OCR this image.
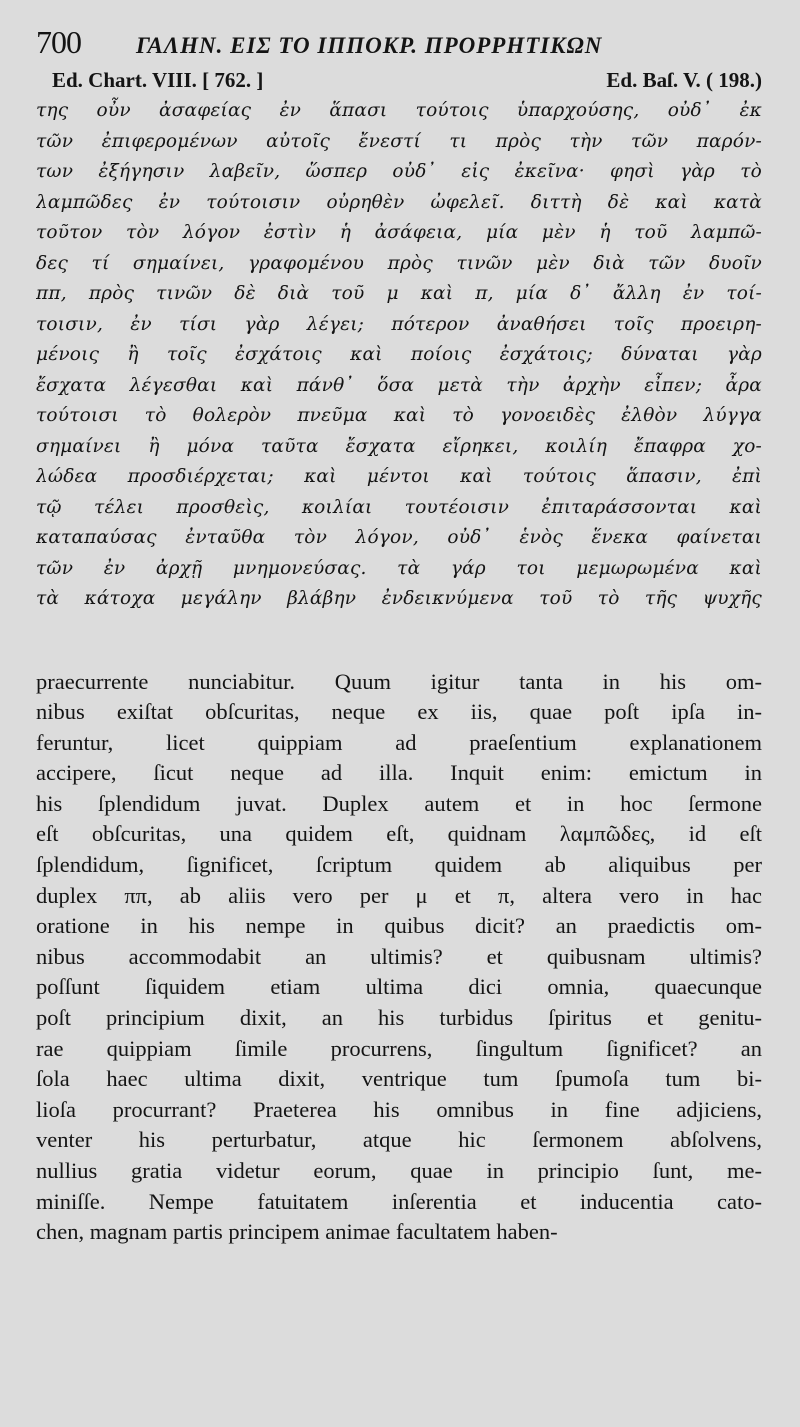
700	ΓΑΛΗΝ. ΕΙΣ ΤΟ ΙΠΠΟΚΡ. ΠΡΟΡΡΗΤΙΚΩΝ
Ed. Chart. VIII. [ 762. ]	Ed. Baſ. V. ( 198.)
της οὖν ἀσαφείας ἐν ἅπασι τούτοις ὑπαρχούσης, οὐδ᾽ ἐκ
τῶν ἐπιφερομένων αὐτοῖς ἔνεστί τι πρὸς τὴν τῶν παρόν-
των ἐξήγησιν λαβεῖν, ὥσπερ οὐδ᾽ εἰς ἐκεῖνα· φησὶ γὰρ τὸ
λαμπῶδες ἐν τούτοισιν οὐρηθὲν ὠφελεῖ. διττὴ δὲ καὶ κατὰ
τοῦτον τὸν λόγον ἐστὶν ἡ ἀσάφεια, μία μὲν ἡ τοῦ λαμπῶ-
δες τί σημαίνει, γραφομένου πρὸς τινῶν μὲν διὰ τῶν δυοῖν
ππ, πρὸς τινῶν δὲ διὰ τοῦ μ καὶ π, μία δ᾽ ἄλλη ἐν τοί-
τοισιν, ἐν τίσι γὰρ λέγει; πότερον ἀναθήσει τοῖς προειρη-
μένοις ἢ τοῖς ἐσχάτοις καὶ ποίοις ἐσχάτοις; δύναται γὰρ
ἔσχατα λέγεσθαι καὶ πάνθ᾽ ὅσα μετὰ τὴν ἀρχὴν εἶπεν; ἆρα
τούτοισι τὸ θολερὸν πνεῦμα καὶ τὸ γονοειδὲς ἐλθὸν λύγγα
σημαίνει ἢ μόνα ταῦτα ἔσχατα εἴρηκει, κοιλίη ἔπαφρα χο-
λώδεα προσδιέρχεται; καὶ μέντοι καὶ τούτοις ἅπασιν, ἐπὶ
τῷ τέλει προσθεὶς, κοιλίαι τουτέοισιν ἐπιταράσσονται καὶ
καταπαύσας ἐνταῦθα τὸν λόγον, οὐδ᾽ ἑνὸς ἕνεκα φαίνεται
τῶν ἐν ἀρχῇ μνημονεύσας. τὰ γάρ τοι μεμωρωμένα καὶ
τὰ κάτοχα μεγάλην βλάβην ἐνδεικνύμενα τοῦ τὸ τῆς ψυχῆς
praecurrente nunciabitur. Quum igitur tanta in his om-
nibus exiſtat obſcuritas, neque ex iis, quae poſt ipſa in-
feruntur, licet quippiam ad praeſentium explanationem
accipere, ſicut neque ad illa. Inquit enim: emictum in
his ſplendidum juvat. Duplex autem et in hoc ſermone
eſt obſcuritas, una quidem eſt, quidnam λαμπῶδες, id eſt
ſplendidum, ſignificet, ſcriptum quidem ab aliquibus per
duplex ππ, ab aliis vero per μ et π, altera vero in hac
oratione in his nempe in quibus dicit? an praedictis om-
nibus accommodabit an ultimis? et quibusnam ultimis?
poſſunt ſiquidem etiam ultima dici omnia, quaecunque
poſt principium dixit, an his turbidus ſpiritus et genitu-
rae quippiam ſimile procurrens, ſingultum ſignificet? an
ſola haec ultima dixit, ventrique tum ſpumoſa tum bi-
lioſa procurrant? Praeterea his omnibus in fine adjiciens,
venter his perturbatur, atque hic ſermonem abſolvens,
nullius gratia videtur eorum, quae in principio ſunt, me-
miniſſe. Nempe fatuitatem inſerentia et inducentia cato-
chen, magnam partis principem animae facultatem haben-
